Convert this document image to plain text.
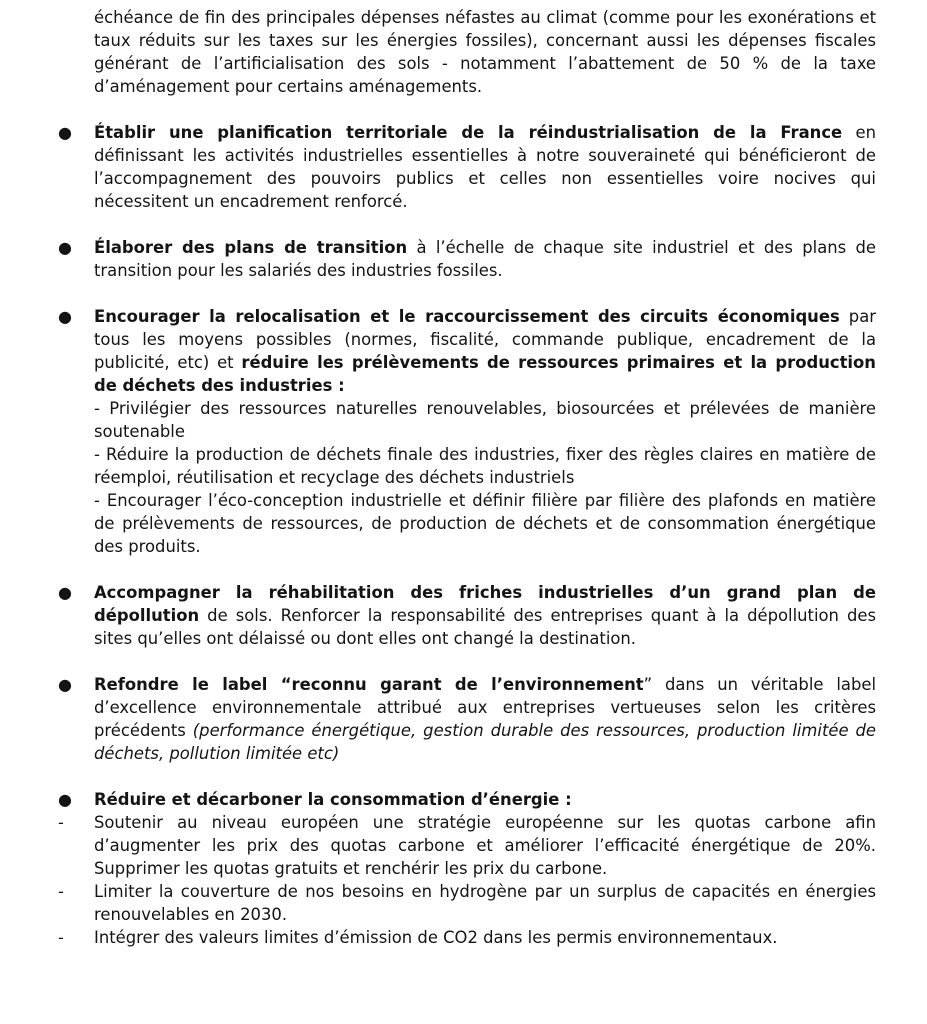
échéance de fin des principales dépenses néfastes au climat (comme pour les exonérations et taux réduits sur les taxes sur les énergies fossiles), concernant aussi les dépenses fiscales générant de l’artificialisation des sols - notamment l’abattement de 50 % de la taxe d’aménagement pour certains aménagements.

● Établir une planification territoriale de la réindustrialisation de la France en définissant les activités industrielles essentielles à notre souveraineté qui bénéficieront de l’accompagnement des pouvoirs publics et celles non essentielles voire nocives qui nécessitent un encadrement renforcé.

● Élaborer des plans de transition à l’échelle de chaque site industriel et des plans de transition pour les salariés des industries fossiles.

● Encourager la relocalisation et le raccourcissement des circuits économiques par tous les moyens possibles (normes, fiscalité, commande publique, encadrement de la publicité, etc) et réduire les prélèvements de ressources primaires et la production de déchets des industries :
- Privilégier des ressources naturelles renouvelables, biosourcées et prélevées de manière soutenable
- Réduire la production de déchets finale des industries, fixer des règles claires en matière de réemploi, réutilisation et recyclage des déchets industriels
- Encourager l’éco-conception industrielle et définir filière par filière des plafonds en matière de prélèvements de ressources, de production de déchets et de consommation énergétique des produits.
● Accompagner la réhabilitation des friches industrielles d’un grand plan de dépollution de sols. Renforcer la responsabilité des entreprises quant à la dépollution des sites qu’elles ont délaissé ou dont elles ont changé la destination.

● Refondre le label “reconnu garant de l’environnement” dans un véritable label d’excellence environnementale attribué aux entreprises vertueuses selon les critères précédents (performance énergétique, gestion durable des ressources, production limitée de déchets, pollution limitée etc)

● Réduire et décarboner la consommation d’énergie :

- Soutenir au niveau européen une stratégie européenne sur les quotas carbone afin d’augmenter les prix des quotas carbone et améliorer l’efficacité énergétique de 20%. Supprimer les quotas gratuits et renchérir les prix du carbone.

- Limiter la couverture de nos besoins en hydrogène par un surplus de capacités en énergies renouvelables en 2030.

- Intégrer des valeurs limites d’émission de CO2 dans les permis environnementaux.
